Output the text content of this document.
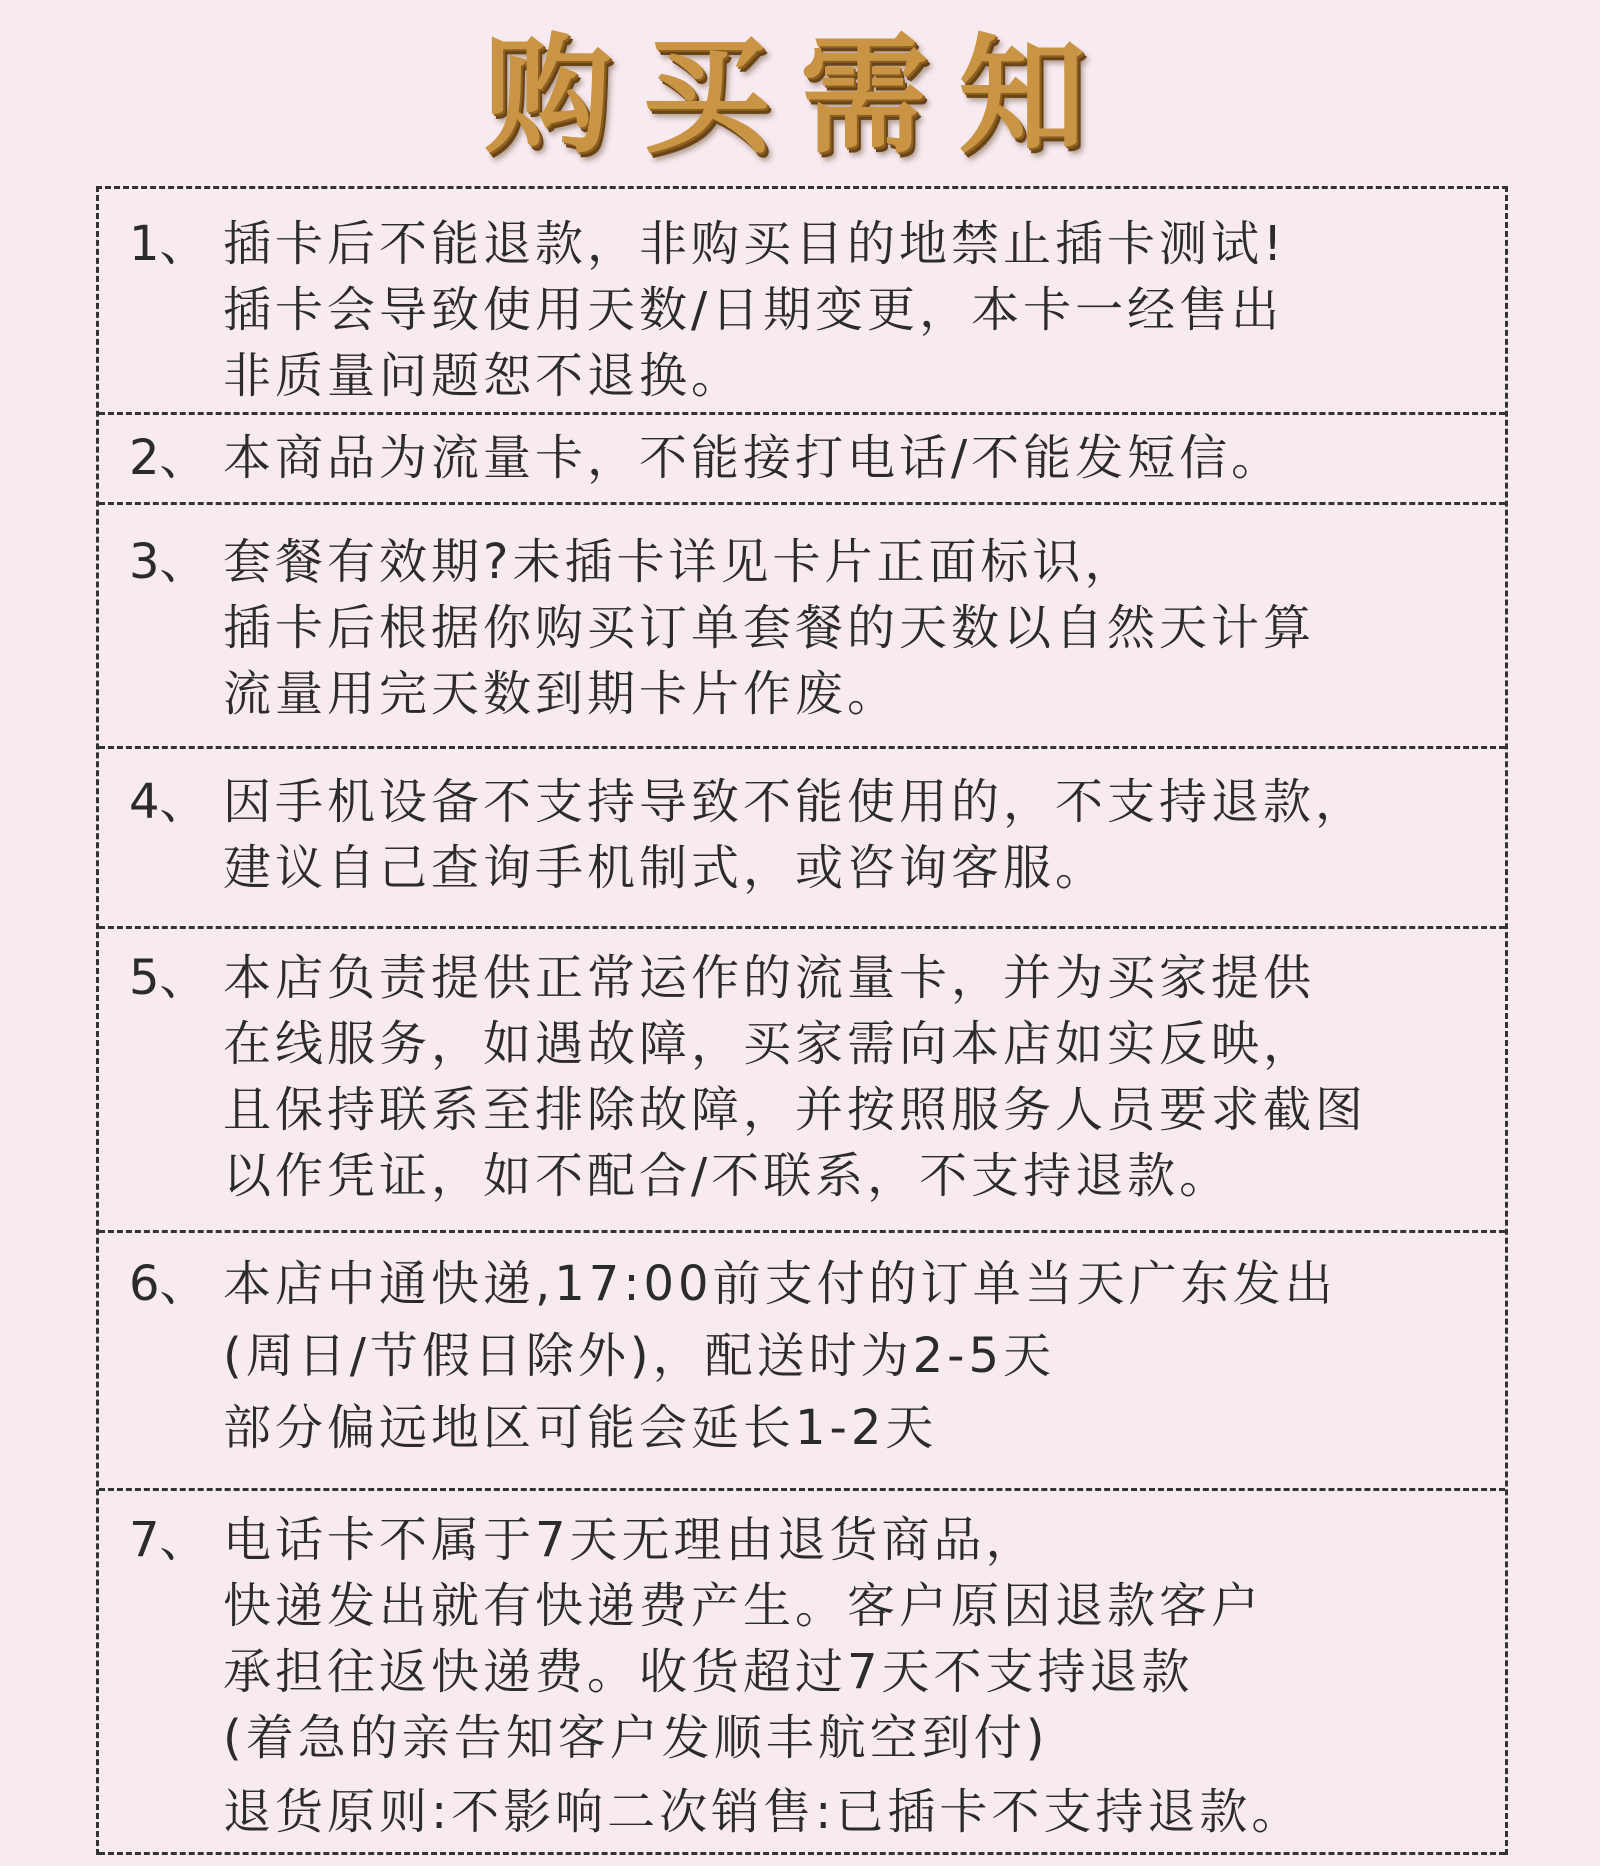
购买需知
1、 插卡后不能退款，非购买目的地禁止插卡测试!
插卡会导致使用天数/日期变更，本卡一经售出
非质量问题恕不退换。
2、 本商品为流量卡，不能接打电话/不能发短信。
3、 套餐有效期?未插卡详见卡片正面标识，
插卡后根据你购买订单套餐的天数以自然天计算
流量用完天数到期卡片作废。
4、 因手机设备不支持导致不能使用的，不支持退款，
建议自己查询手机制式，或咨询客服。
5、 本店负责提供正常运作的流量卡，并为买家提供
在线服务，如遇故障，买家需向本店如实反映，
且保持联系至排除故障，并按照服务人员要求截图
以作凭证，如不配合/不联系，不支持退款。
6、 本店中通快递,17:00前支付的订单当天广东发出
(周日/节假日除外)，配送时为2-5天
部分偏远地区可能会延长1-2天
7、 电话卡不属于7天无理由退货商品，
快递发出就有快递费产生。客户原因退款客户
承担往返快递费。收货超过7天不支持退款
(着急的亲告知客户发顺丰航空到付)
退货原则:不影响二次销售:已插卡不支持退款。
